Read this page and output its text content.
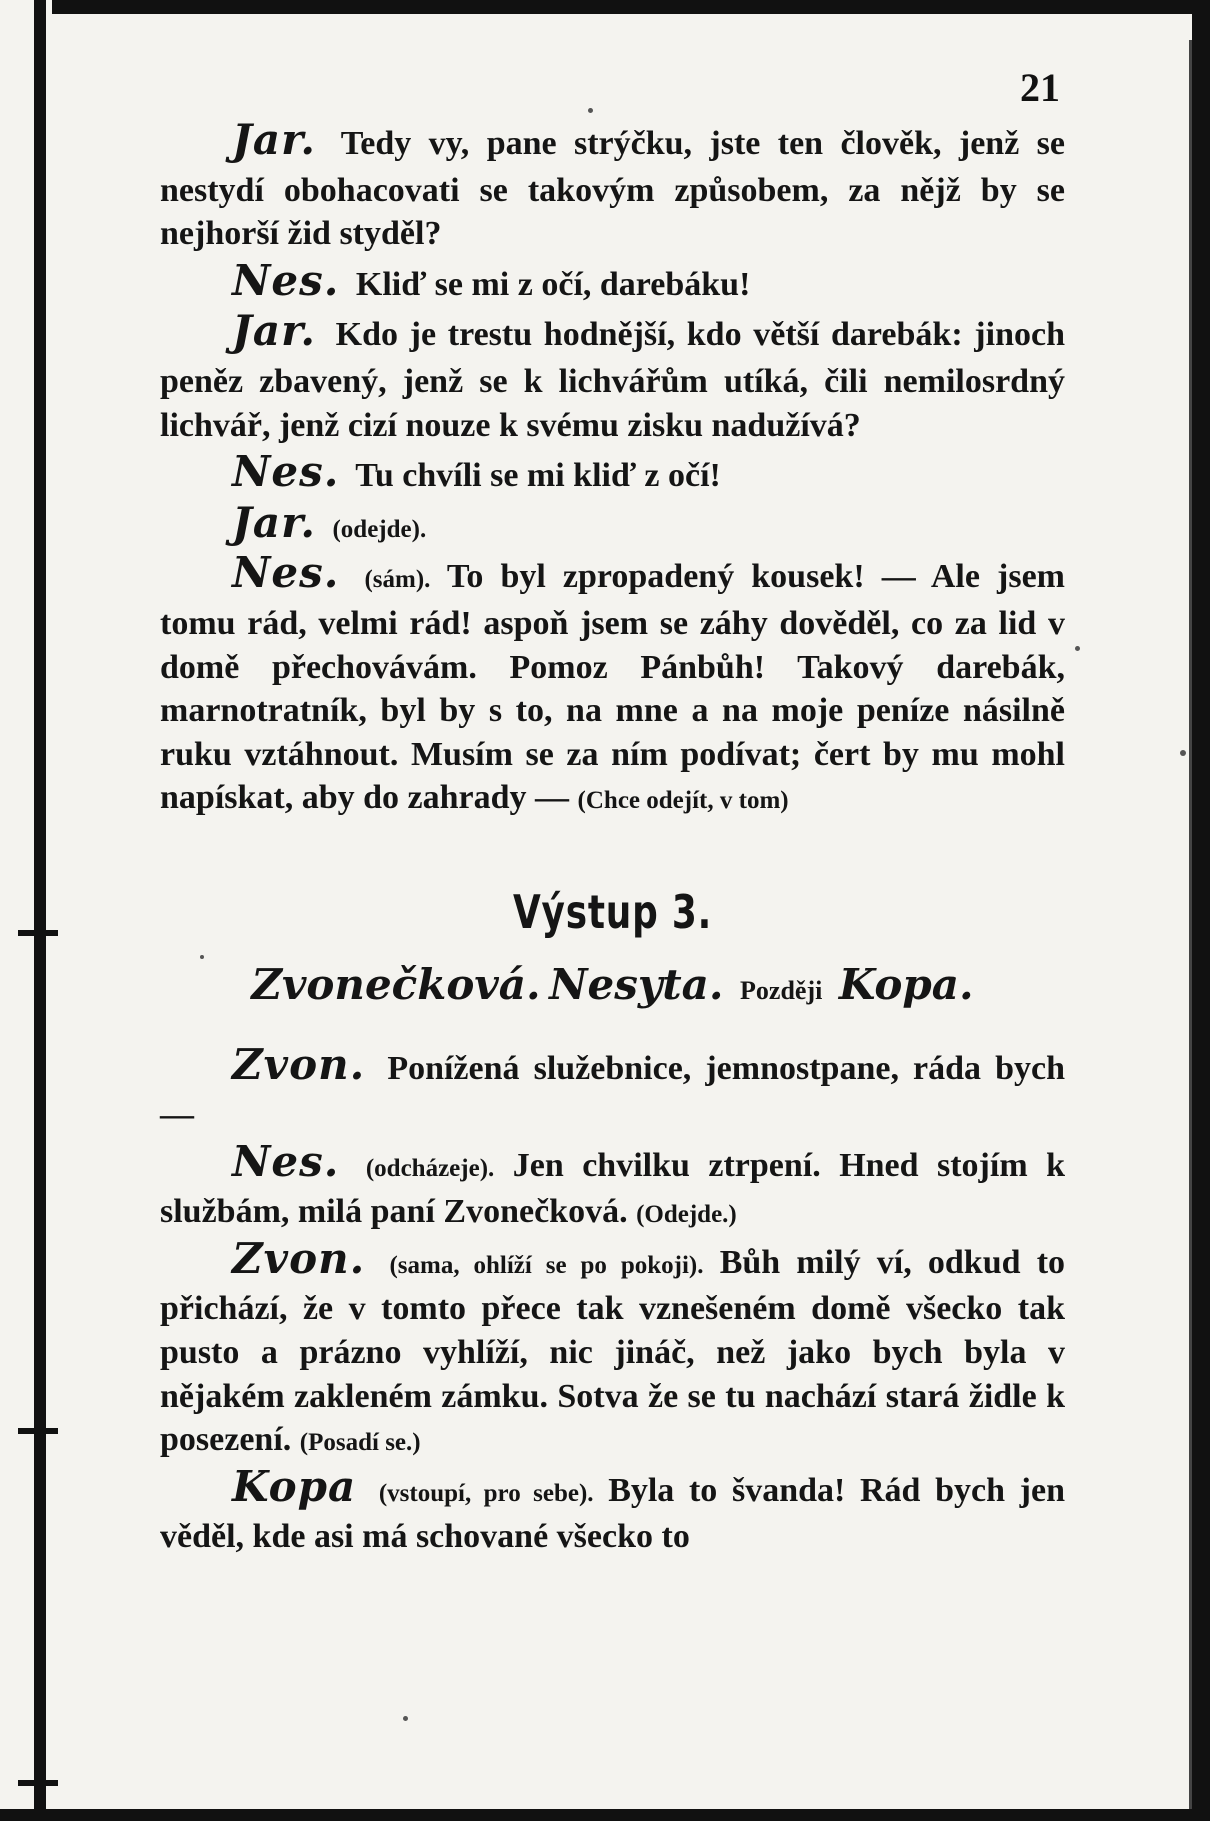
21

Jar. Tedy vy, pane strýčku, jste ten člověk, jenž se nestydí obohacovati se takovým způsobem, za nějž by se nejhorší žid styděl?

Nes. Kliď se mi z očí, darebáku!

Jar. Kdo je trestu hodnější, kdo větší darebák: jinoch peněz zbavený, jenž se k lichvářům utíká, čili nemilosrdný lichvář, jenž cizí nouze k svému zisku nadužívá?

Nes. Tu chvíli se mi kliď z očí!

Jar. (odejde).

Nes. (sám). To byl zpropadený kousek! — Ale jsem tomu rád, velmi rád! aspoň jsem se záhy dověděl, co za lid v domě přechovávám. Pomoz Pánbůh! Takový darebák, marnotratník, byl by s to, na mne a na moje peníze násilně ruku vztáhnout. Musím se za ním podívat; čert by mu mohl napískat, aby do zahrady — (Chce odejít, v tom)

Výstup 3.
Zvonečková. Nesyta. Později Kopa.

Zvon. Ponížená služebnice, jemnostpane, ráda bych —

Nes. (odcházeje). Jen chvilku ztrpení. Hned stojím k službám, milá paní Zvonečková. (Odejde.)

Zvon. (sama, ohlíží se po pokoji). Bůh milý ví, odkud to přichází, že v tomto přece tak vznešeném domě všecko tak pusto a prázno vyhlíží, nic jináč, než jako bych byla v nějakém zakleném zámku. Sotva že se tu nachází stará židle k posezení. (Posadí se.)

Kopa (vstoupí, pro sebe). Byla to švanda! Rád bych jen věděl, kde asi má schované všecko to
